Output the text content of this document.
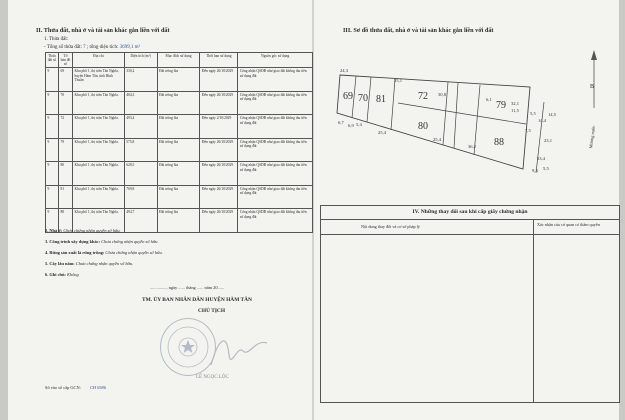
II. Thửa đất, nhà ở và tài sản khác gắn liền với đất
1. Thửa đất:
- Tổng số thửa đất: 7 ; tổng diện tích: 3699,1 m²
Thửa đất số	Tờ bản đồ số	Địa chỉ	Diện tích (m²)	Mục đích sử dụng	Thời hạn sử dụng	Nguồn gốc sử dụng
9	69	Khu phố 1, thị trấn Tân Nghĩa, huyện Hàm Tân, tỉnh Bình Thuận	330,2	Đất trồng lúa	Đến ngày 26/10/2029	Công nhận QSDĐ như giao đất không thu tiền sử dụng đất
9	70	Khu phố 1, thị trấn Tân Nghĩa.	404,3	Đất trồng lúa	Đến ngày 26/10/2029	Công nhận QSDĐ như giao đất không thu tiền sử dụng đất
9	72	Khu phố 1, thị trấn Tân Nghĩa.	493,4	Đất trồng lúa	Đến ngày 2/10/2029	Công nhận QSDĐ như giao đất không thu tiền sử dụng đất
9	79	Khu phố 1, thị trấn Tân Nghĩa.	575,8	Đất trồng lúa	Đến ngày 26/10/2029	Công nhận QSDĐ như giao đất không thu tiền sử dụng đất
9	80	Khu phố 1, thị trấn Tân Nghĩa.	628,5	Đất trồng lúa	Đến ngày 26/10/2029	Công nhận QSDĐ như giao đất không thu tiền sử dụng đất
9	81	Khu phố 1, thị trấn Tân Nghĩa.	769,8	Đất trồng lúa	Đến ngày 26/10/2029	Công nhận QSDĐ như giao đất không thu tiền sử dụng đất
9	88	Khu phố 1, thị trấn Tân Nghĩa.	494,7	Đất trồng lúa	Đến ngày 26/10/2029	Công nhận QSDĐ như giao đất không thu tiền sử dụng đất
2. Nhà ở: Chưa chứng nhận quyền sở hữu.
3. Công trình xây dựng khác: Chưa chứng nhận quyền sở hữu.
4. Rừng sản xuất là rừng trồng: Chưa chứng nhận quyền sở hữu.
5. Cây lâu năm: Chưa chứng nhận quyền sở hữu.
6. Ghi chú: Không
..............., ngày ...... tháng ...... năm 20......
TM. ỦY BAN NHÂN DÂN HUYỆN HÀM TÂN
CHỦ TỊCH
LÊ NGỌC LỘC
Số vào sổ cấp GCN: CH 0586
III. Sơ đồ thửa đất, nhà ở và tài sản khác gắn liền với đất
69 70 81	72
79
80
88
24,3
25,1
30,8
6,1
32,1
11,5
33,4
36,2
25,4
5,4
6,9
6,7
9,3
7,5
5,5
14,4
23,1
14,5
5,5
25,4
B
Mương nước
IV. Những thay đổi sau khi cấp giấy chứng nhận
Nội dung thay đổi và cơ sở pháp lý	Xác nhận của cơ quan có thẩm quyền
